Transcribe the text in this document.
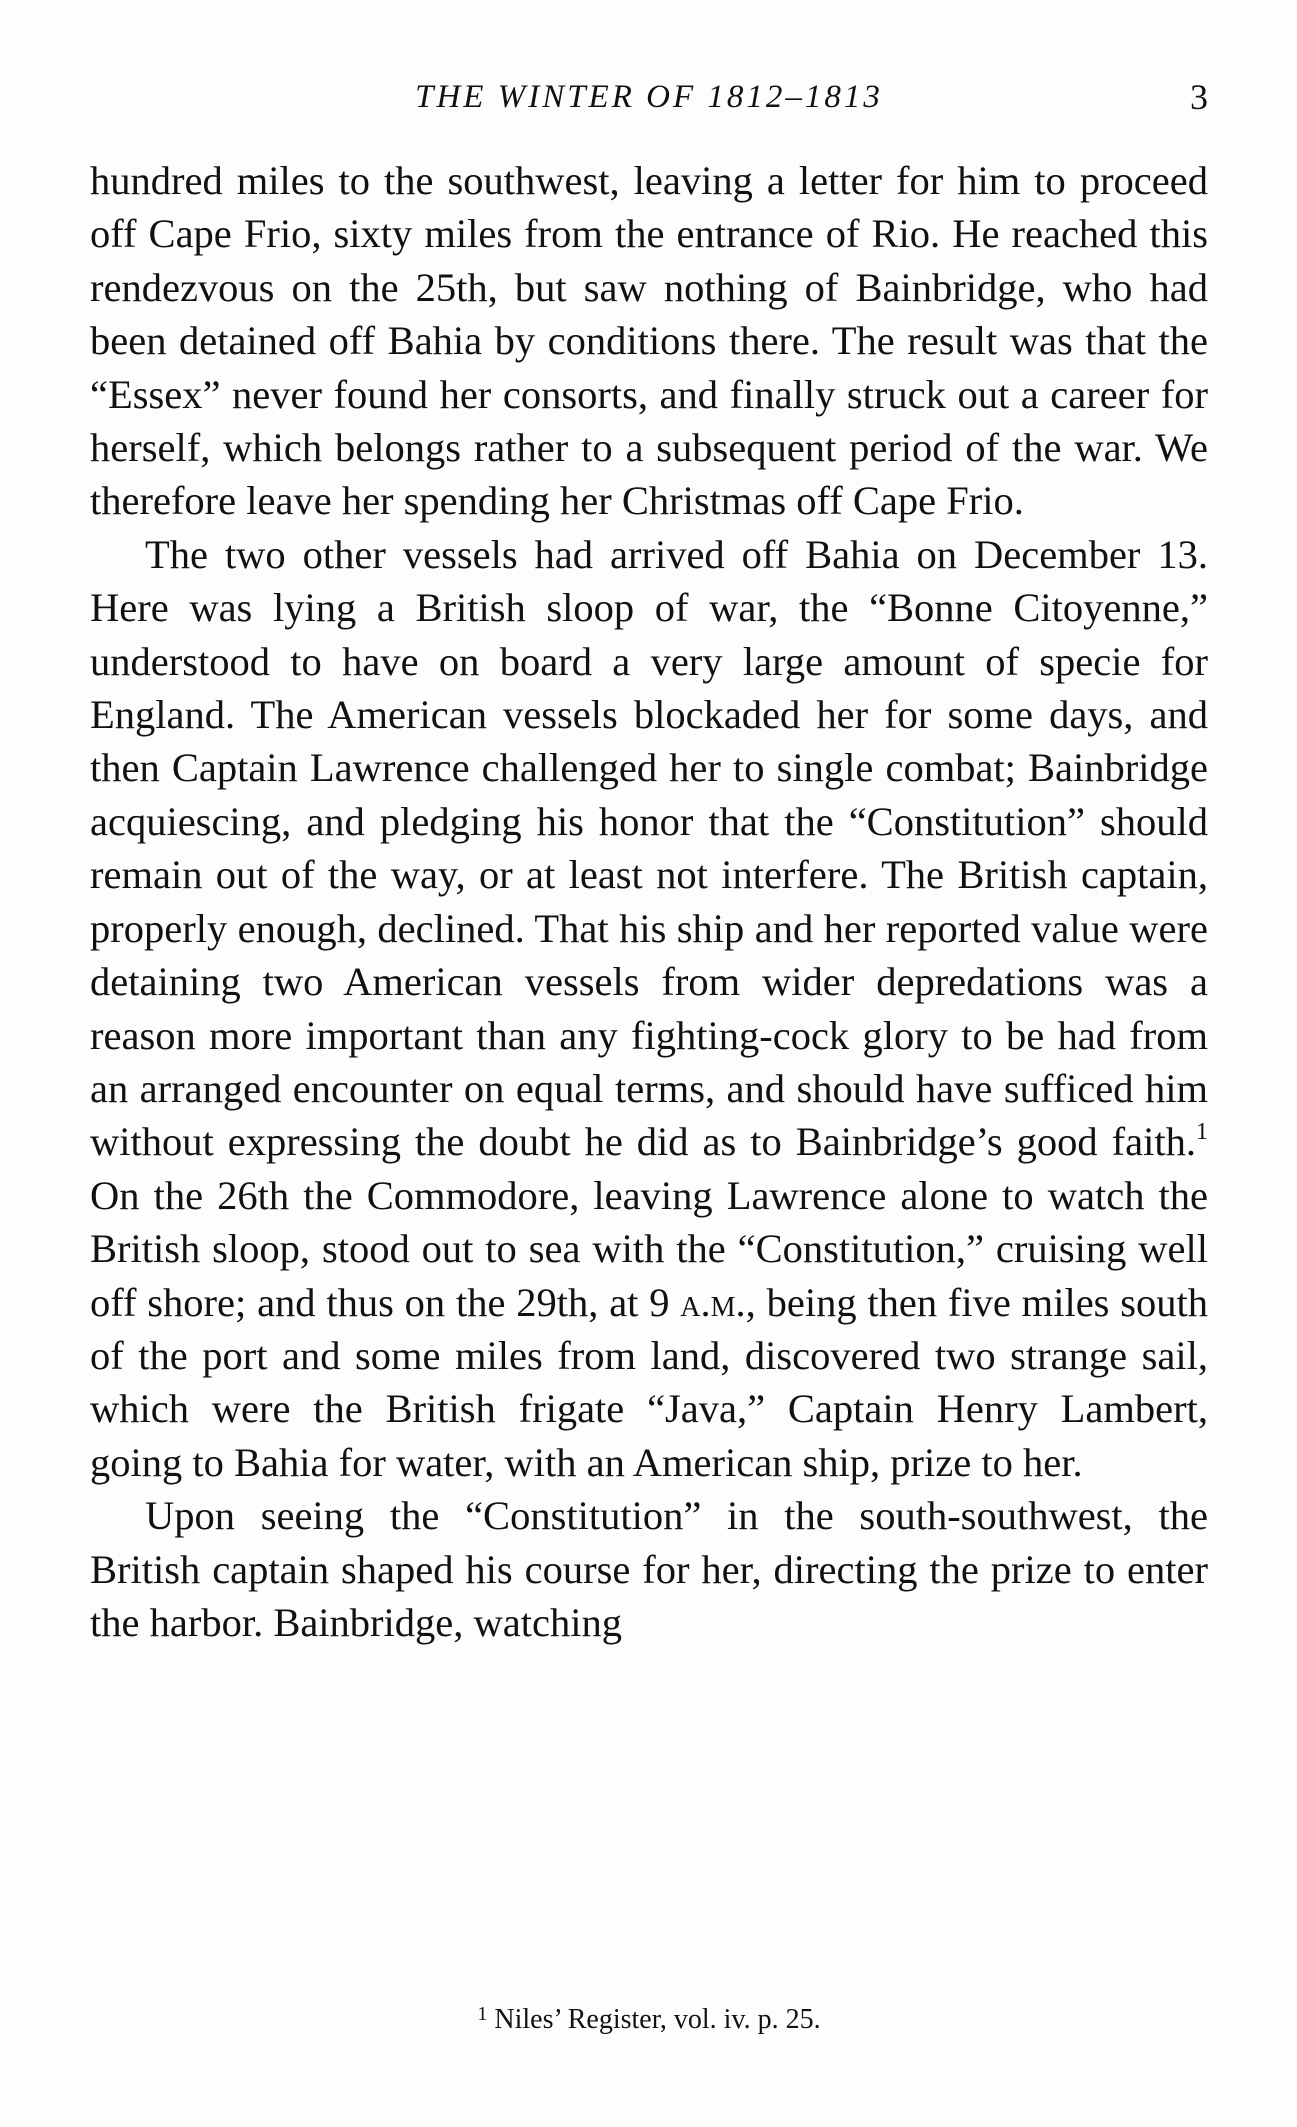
THE WINTER OF 1812–1813	3

hundred miles to the southwest, leaving a letter for him to proceed off Cape Frio, sixty miles from the entrance of Rio. He reached this rendezvous on the 25th, but saw nothing of Bainbridge, who had been detained off Bahia by conditions there. The result was that the “Essex” never found her consorts, and finally struck out a career for herself, which belongs rather to a subsequent period of the war. We therefore leave her spending her Christmas off Cape Frio.

The two other vessels had arrived off Bahia on December 13. Here was lying a British sloop of war, the “Bonne Citoyenne,” understood to have on board a very large amount of specie for England. The American vessels blockaded her for some days, and then Captain Lawrence challenged her to single combat; Bainbridge acquiescing, and pledging his honor that the “Constitution” should remain out of the way, or at least not interfere. The British captain, properly enough, declined. That his ship and her reported value were detaining two American vessels from wider depredations was a reason more important than any fighting-cock glory to be had from an arranged encounter on equal terms, and should have sufficed him without expressing the doubt he did as to Bainbridge’s good faith.$^1$ On the 26th the Commodore, leaving Lawrence alone to watch the British sloop, stood out to sea with the “Constitution,” cruising well off shore; and thus on the 29th, at 9 a.m., being then five miles south of the port and some miles from land, discovered two strange sail, which were the British frigate “Java,” Captain Henry Lambert, going to Bahia for water, with an American ship, prize to her.

Upon seeing the “Constitution” in the south-southwest, the British captain shaped his course for her, directing the prize to enter the harbor. Bainbridge, watching

$^1$ Niles’ Register, vol. iv. p. 25.
